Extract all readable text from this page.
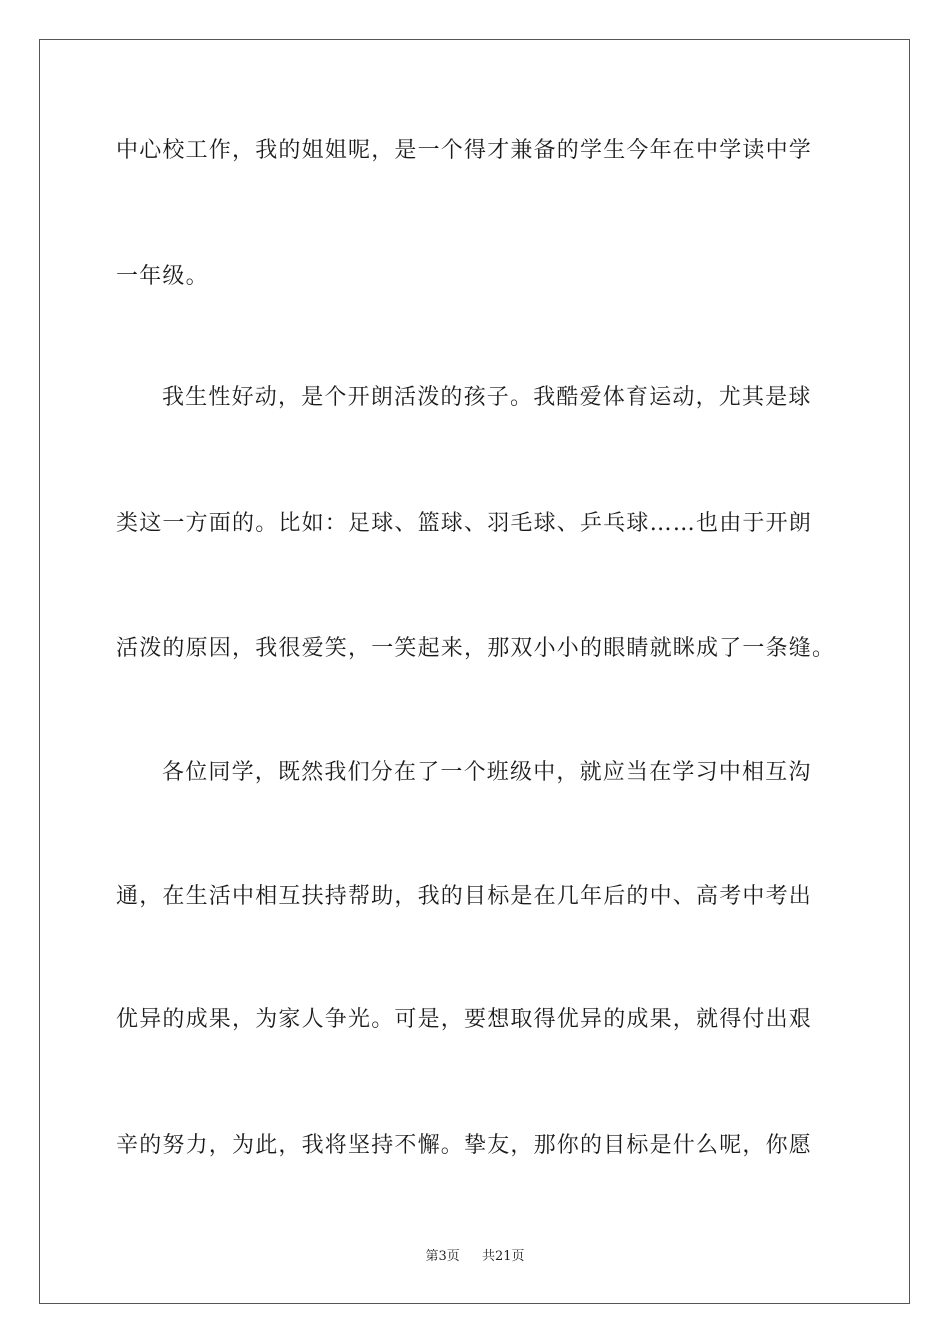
中心校工作，我的姐姐呢，是一个得才兼备的学生今年在中学读中学
一年级。
我生性好动，是个开朗活泼的孩子。我酷爱体育运动，尤其是球
类这一方面的。比如：足球、篮球、羽毛球、乒乓球……也由于开朗
活泼的原因，我很爱笑，一笑起来，那双小小的眼睛就眯成了一条缝。
各位同学，既然我们分在了一个班级中，就应当在学习中相互沟
通，在生活中相互扶持帮助，我的目标是在几年后的中、高考中考出
优异的成果，为家人争光。可是，要想取得优异的成果，就得付出艰
辛的努力，为此，我将坚持不懈。挚友，那你的目标是什么呢，你愿
第3页 共21页
